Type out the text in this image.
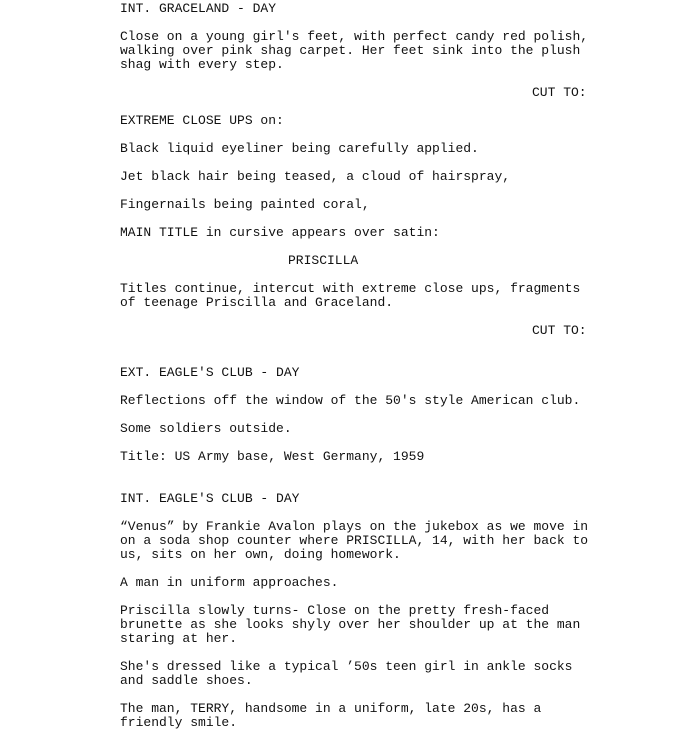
INT. GRACELAND - DAY
Close on a young girl's feet, with perfect candy red polish,
walking over pink shag carpet. Her feet sink into the plush
shag with every step.
CUT TO:
EXTREME CLOSE UPS on:
Black liquid eyeliner being carefully applied.
Jet black hair being teased, a cloud of hairspray,
Fingernails being painted coral,
MAIN TITLE in cursive appears over satin:
PRISCILLA
Titles continue, intercut with extreme close ups, fragments
of teenage Priscilla and Graceland.
CUT TO:
EXT. EAGLE'S CLUB - DAY
Reflections off the window of the 50's style American club.
Some soldiers outside.
Title: US Army base, West Germany, 1959
INT. EAGLE'S CLUB - DAY
“Venus” by Frankie Avalon plays on the jukebox as we move in
on a soda shop counter where PRISCILLA, 14, with her back to
us, sits on her own, doing homework.
A man in uniform approaches.
Priscilla slowly turns- Close on the pretty fresh-faced
brunette as she looks shyly over her shoulder up at the man
staring at her.
She's dressed like a typical ’50s teen girl in ankle socks
and saddle shoes.
The man, TERRY, handsome in a uniform, late 20s, has a
friendly smile.
